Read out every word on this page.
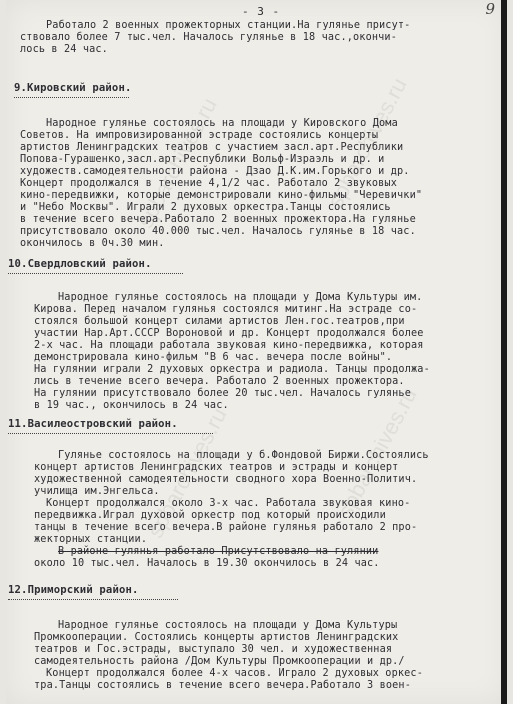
spbarchives.ru	spbarchives.ru
spbarchives.ru	spbarchives.ru
- 3 -	9
Работало 2 военных прожекторных станции.На гулянье присут-
ствовало более 7 тыс.чел. Началось гулянье в 18 час.,окончи-
лось в 24 час.
9.Кировский район.
Народное гулянье состоялось на площади у Кировского Дома
Советов. На импровизированной эстраде состоялись концерты
артистов Ленинградских театров с участием засл.арт.Республики
Попова-Гурашенко,засл.арт.Республики Вольф-Израэль и др. и
художеств.самодеятельности района - Дзао Д.К.им.Горького и др.
Концерт продолжался в течение 4,1/2 час. Работало 2 звуковых
кино-передвижки, которые демонстрировали кино-фильмы "Черевички"
и "Небо Москвы". Играли 2 духовых оркестра.Танцы состоялись
в течение всего вечера.Работало 2 военных прожектора.На гулянье
присутствовало около 40.000 тыс.чел. Началось гулянье в 18 час.
окончилось в 0ч.30 мин.
10.Свердловский район.
Народное гулянье состоялось на площади у Дома Культуры им.
Кирова. Перед началом гулянья состоялся митинг.На эстраде со-
стоялся большой концерт силами артистов Лен.гос.театров,при
участии Нар.Арт.СССР Вороновой и др. Концерт продолжался более
2-х час. На площади работала звуковая кино-передвижка, которая
демонстрировала кино-фильм "В 6 час. вечера после войны".
На гулянии играли 2 духовых оркестра и радиола. Танцы продолжа-
лись в течение всего вечера. Работало 2 военных прожектора.
На гулянии присутствовало более 20 тыс.чел. Началось гулянье
в 19 час., окончилось в 24 час.
11.Василеостровский район.
Гулянье состоялось на площади у б.Фондовой Биржи.Состоялись
концерт артистов Ленинградских театров и эстрады и концерт
художественной самодеятельности сводного хора Военно-Политич.
училища им.Энгельса.
Концерт продолжался около 3-х час. Работала звуковая кино-
передвижка.Играл духовой оркестр под который происходили
танцы в течение всего вечера.В районе гулянья работало 2 про-
жекторных станции.
В районе гулянья работало Присутствовало на гулянии
около 10 тыс.чел. Началось в 19.30 окончилось в 24 час.
12.Приморский район.
Народное гулянье состоялось на площади у Дома Культуры
Промкооперации. Состоялись концерты артистов Ленинградских
театров и Гос.эстрады, выступало 30 чел. и художественная
самодеятельность района /Дом Культуры Промкооперации и др./
Концерт продолжался более 4-х часов. Играло 2 духовых оркес-
тра.Танцы состоялись в течение всего вечера.Работало 3 воен-
